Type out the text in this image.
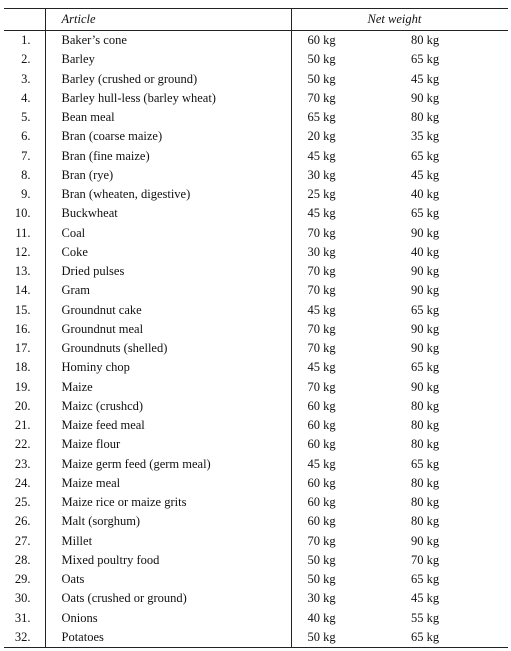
	Article	Net weight	
1.	Baker’s cone	60 kg	80 kg
2.	Barley	50 kg	65 kg
3.	Barley (crushed or ground)	50 kg	45 kg
4.	Barley hull-less (barley wheat)	70 kg	90 kg
5.	Bean meal	65 kg	80 kg
6.	Bran (coarse maize)	20 kg	35 kg
7.	Bran (fine maize)	45 kg	65 kg
8.	Bran (rye)	30 kg	45 kg
9.	Bran (wheaten, digestive)	25 kg	40 kg
10.	Buckwheat	45 kg	65 kg
11.	Coal	70 kg	90 kg
12.	Coke	30 kg	40 kg
13.	Dried pulses	70 kg	90 kg
14.	Gram	70 kg	90 kg
15.	Groundnut cake	45 kg	65 kg
16.	Groundnut meal	70 kg	90 kg
17.	Groundnuts (shelled)	70 kg	90 kg
18.	Hominy chop	45 kg	65 kg
19.	Maize	70 kg	90 kg
20.	Maizc (crushcd)	60 kg	80 kg
21.	Maize feed meal	60 kg	80 kg
22.	Maize flour	60 kg	80 kg
23.	Maize germ feed (germ meal)	45 kg	65 kg
24.	Maize meal	60 kg	80 kg
25.	Maize rice or maize grits	60 kg	80 kg
26.	Malt (sorghum)	60 kg	80 kg
27.	Millet	70 kg	90 kg
28.	Mixed poultry food	50 kg	70 kg
29.	Oats	50 kg	65 kg
30.	Oats (crushed or ground)	30 kg	45 kg
31.	Onions	40 kg	55 kg
32.	Potatoes	50 kg	65 kg
